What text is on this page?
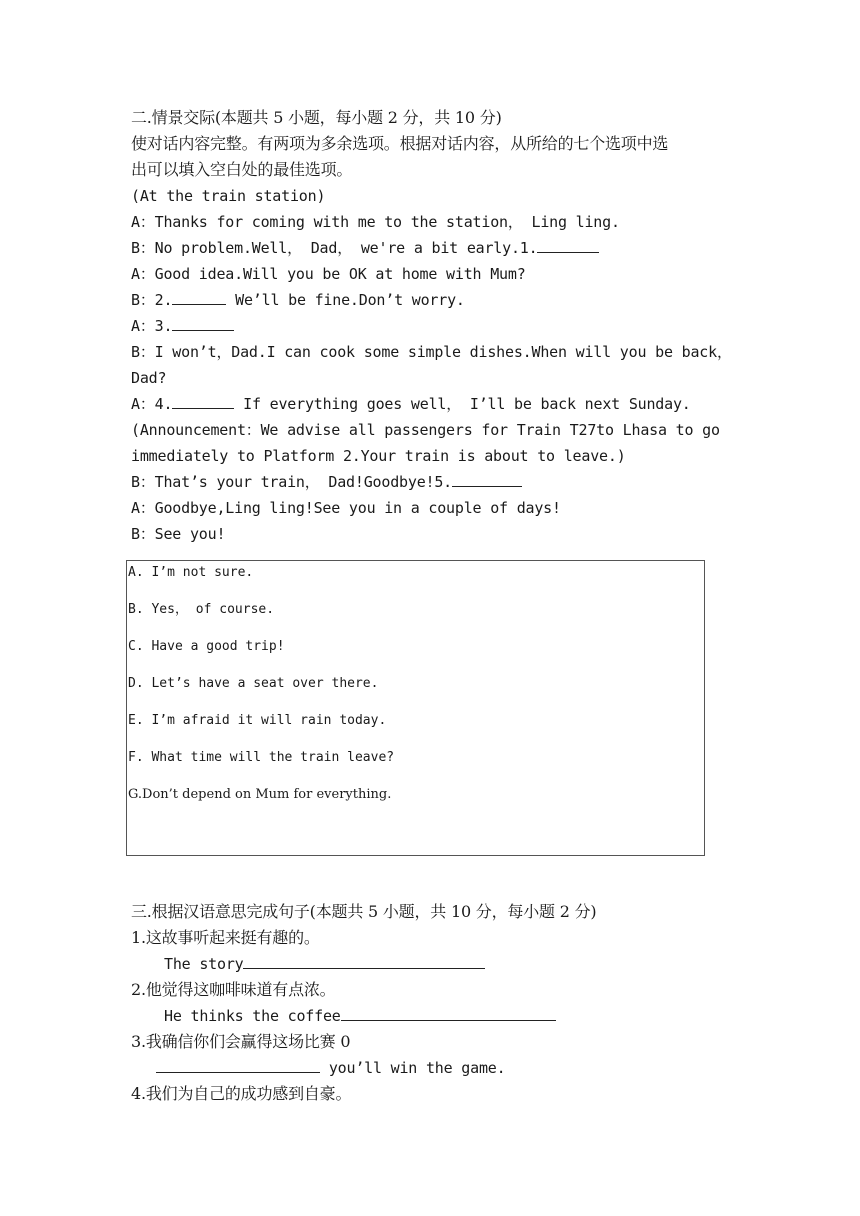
二.情景交际(本题共 5 小题，每小题 2 分，共 10 分)
使对话内容完整。有两项为多余选项。根据对话内容，从所给的七个选项中选
出可以填入空白处的最佳选项。
(At the train station)
A：Thanks for coming with me to the station， Ling ling.
B：No problem.Well， Dad， we're a bit early.1.
A：Good idea.Will you be OK at home with Mum?
B：2.	We’ll be fine.Don’t worry.
A：3.
B：I won’t，Dad.I can cook some simple dishes.When will you be back，
Dad?
A：4.	If everything goes well， I’ll be back next Sunday.
(Announcement：We advise all passengers for Train T27to Lhasa to go
immediately to Platform 2.Your train is about to leave.)
B：That’s your train， Dad!Goodbye!5.
A：Goodbye,Ling ling!See you in a couple of days!
B：See you!
A. I’m not sure.
B. Yes， of course.
C. Have a good trip!
D. Let’s have a seat over there.
E. I’m afraid it will rain today.
F. What time will the train leave?
G.Don’t depend on Mum for everything.
三.根据汉语意思完成句子(本题共 5 小题，共 10 分，每小题 2 分)
1.这故事听起来挺有趣的。
The story
2.他觉得这咖啡味道有点浓。
He thinks the coffee
3.我确信你们会赢得这场比赛 0
you’ll win the game.
4.我们为自己的成功感到自豪。
